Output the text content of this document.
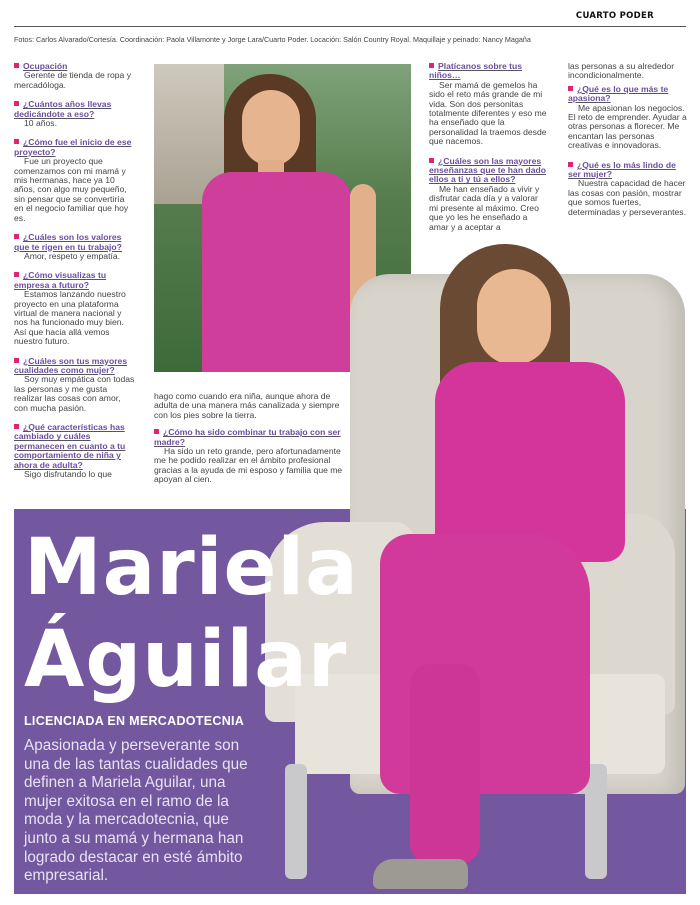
CUARTO PODER
Fotos: Carlos Alvarado/Cortesía. Coordinación: Paola Villamonte y Jorge Lara/Cuarto Poder. Locación: Salón Country Royal. Maquillaje y peinado: Nancy Magaña

Ocupación

Gerente de tienda de ropa y mercadóloga.

¿Cuántos años llevas dedicándote a eso?

10 años.

¿Cómo fue el inicio de ese proyecto?

Fue un proyecto que comenzamos con mi mamá y mis hermanas, hace ya 10 años, con algo muy pequeño, sin pensar que se convertiría en el negocio familiar que hoy es.

¿Cuáles son los valores que te rigen en tu trabajo?

Amor, respeto y empatía.

¿Cómo visualizas tu empresa a futuro?

Estamos lanzando nuestro proyecto en una plataforma virtual de manera nacional y nos ha funcionado muy bien. Así que hacia allá vemos nuestro futuro.

¿Cuáles son tus mayores cualidades como mujer?

Soy muy empática con todas las personas y me gusta realizar las cosas con amor, con mucha pasión.

¿Qué características has cambiado y cuáles permanecen en cuanto a tu comportamiento de niña y ahora de adulta?

Sigo disfrutando lo que

hago como cuando era niña, aunque ahora de adulta de una manera más canalizada y siempre con los pies sobre la tierra.

¿Cómo ha sido combinar tu trabajo con ser madre?

Ha sido un reto grande, pero afortunadamente me he podido realizar en el ámbito profesional gracias a la ayuda de mi esposo y familia que me apoyan al cien.

Platícanos sobre tus niños…

Ser mamá de gemelos ha sido el reto más grande de mi vida. Son dos personitas totalmente diferentes y eso me ha enseñado que la personalidad la traemos desde que nacemos.

¿Cuáles son las mayores enseñanzas que te han dado ellos a ti y tú a ellos?

Me han enseñado a vivir y disfrutar cada día y a valorar mi presente al máximo. Creo que yo les he enseñado a amar y a aceptar a

las personas a su alrededor incondicionalmente.

¿Qué es lo que más te apasiona?

Me apasionan los negocios. El reto de emprender. Ayudar a otras personas a florecer. Me encantan las personas creativas e innovadoras.

¿Qué es lo más lindo de ser mujer?

Nuestra capacidad de hacer las cosas con pasión, mostrar que somos fuertes, determinadas y perseverantes.

Mariela
Águilar
LICENCIADA EN MERCADOTECNIA
Apasionada y perseverante son una de las tantas cualidades que definen a Mariela Aguilar, una mujer exitosa en el ramo de la moda y la mercadotecnia, que junto a su mamá y hermana han logrado destacar en esté ámbito empresarial.
